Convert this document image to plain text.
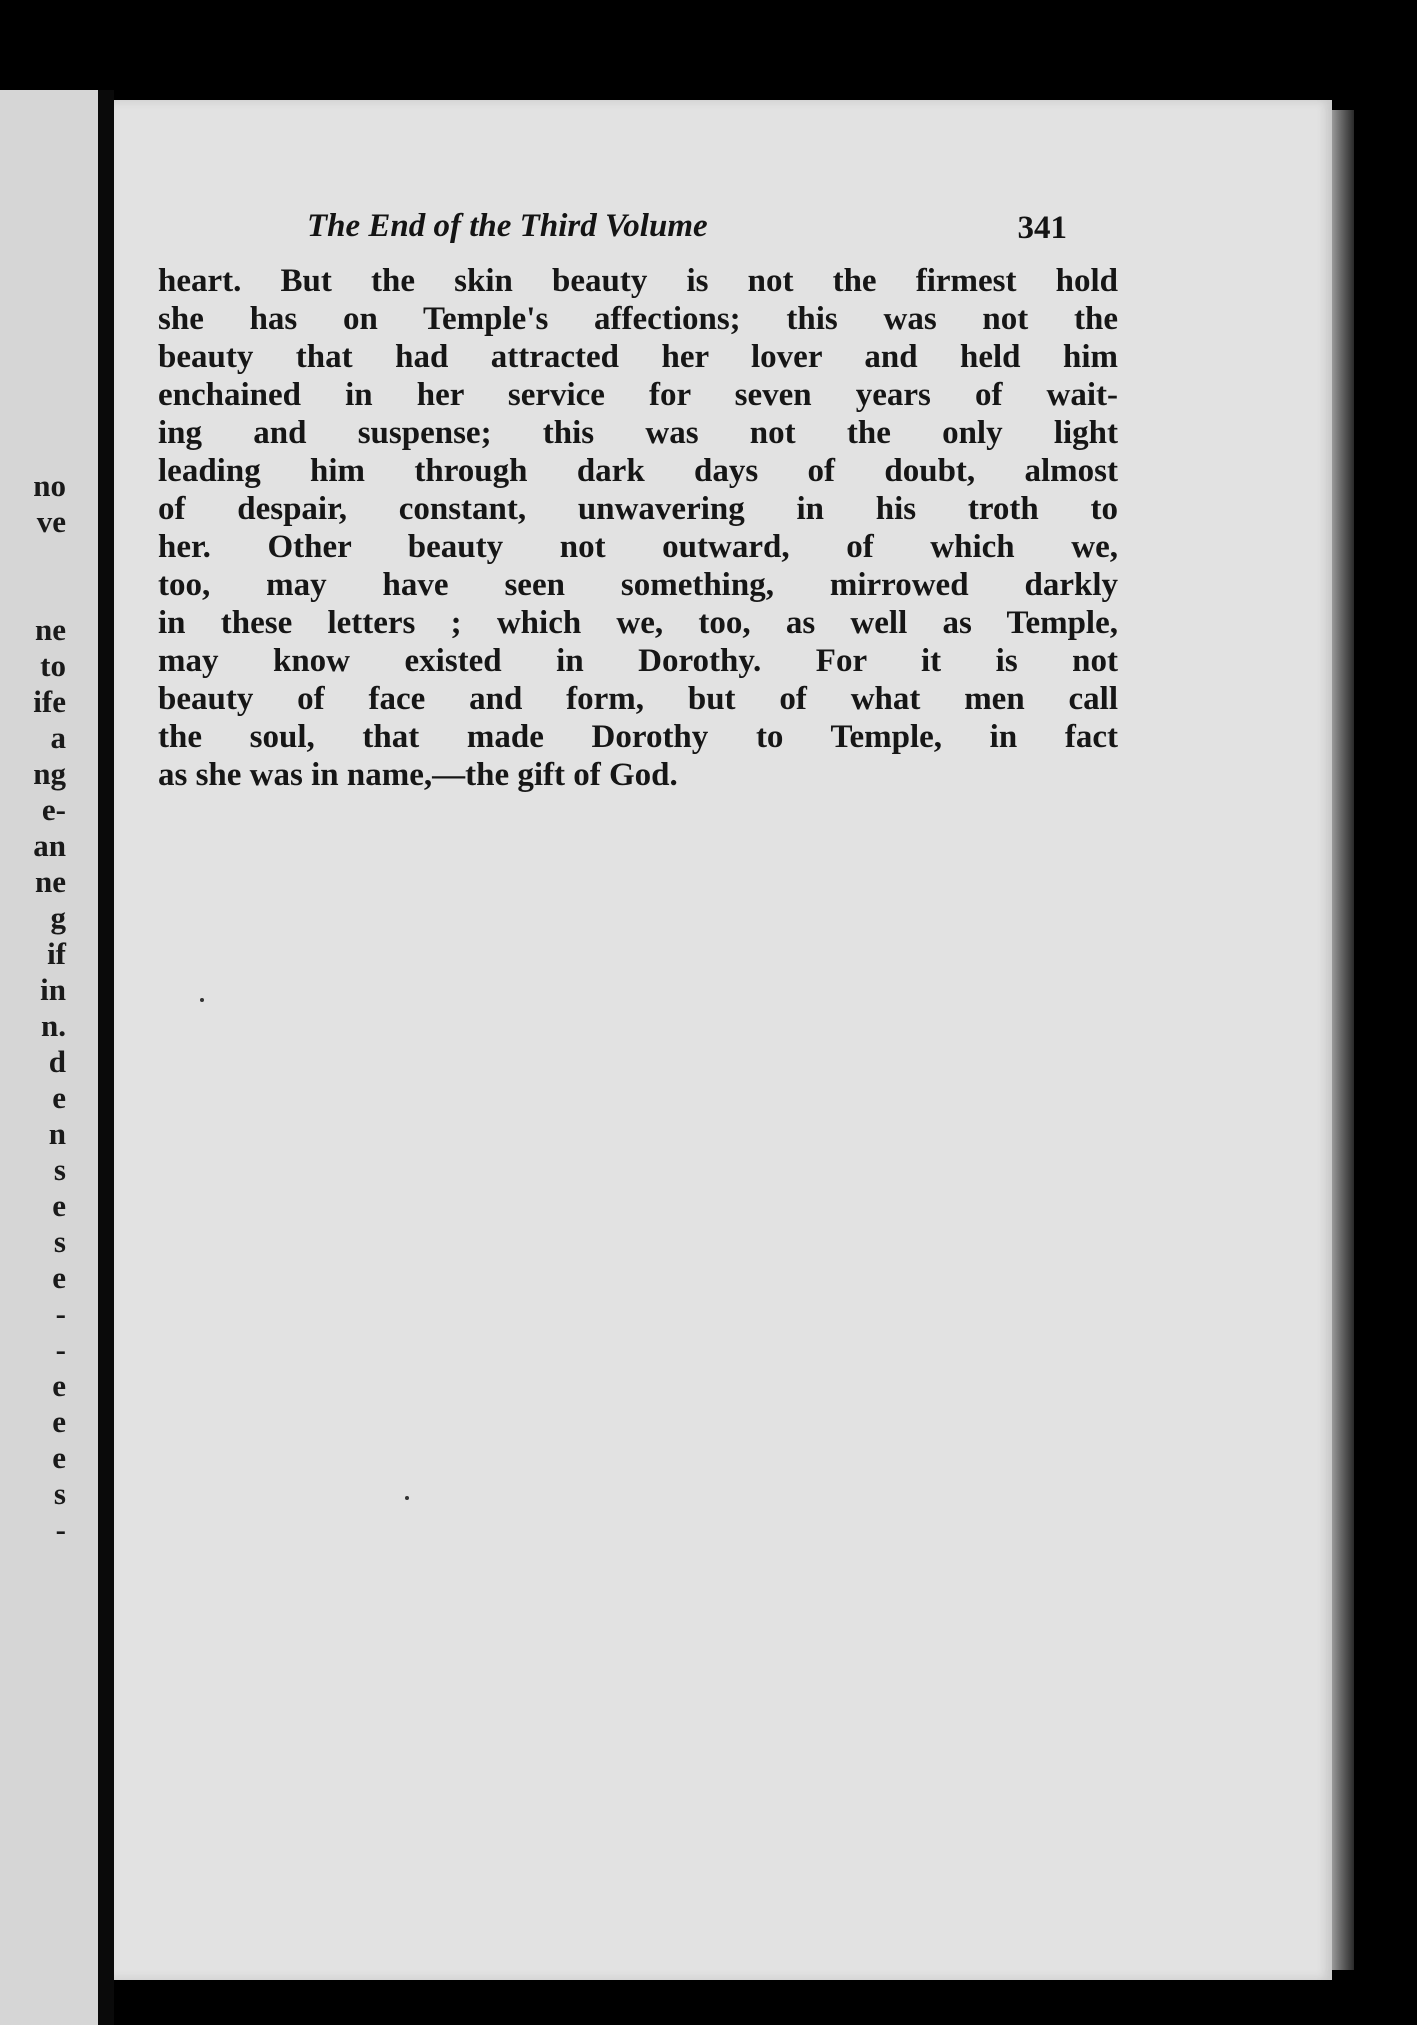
no
ve

ne
to
ife
a
ng
e-
an
ne
g
if
in
n.
d
e
n
s
e
s
e
-
-
e
e
e
s
-
The End of the Third Volume	341
heart. But the skin beauty is not the firmest hold
she has on Temple's affections; this was not the
beauty that had attracted her lover and held him
enchained in her service for seven years of wait-
ing and suspense; this was not the only light
leading him through dark days of doubt, almost
of despair, constant, unwavering in his troth to
her. Other beauty not outward, of which we,
too, may have seen something, mirrowed darkly
in these letters ; which we, too, as well as Temple,
may know existed in Dorothy. For it is not
beauty of face and form, but of what men call
the soul, that made Dorothy to Temple, in fact
as she was in name,—the gift of God.
